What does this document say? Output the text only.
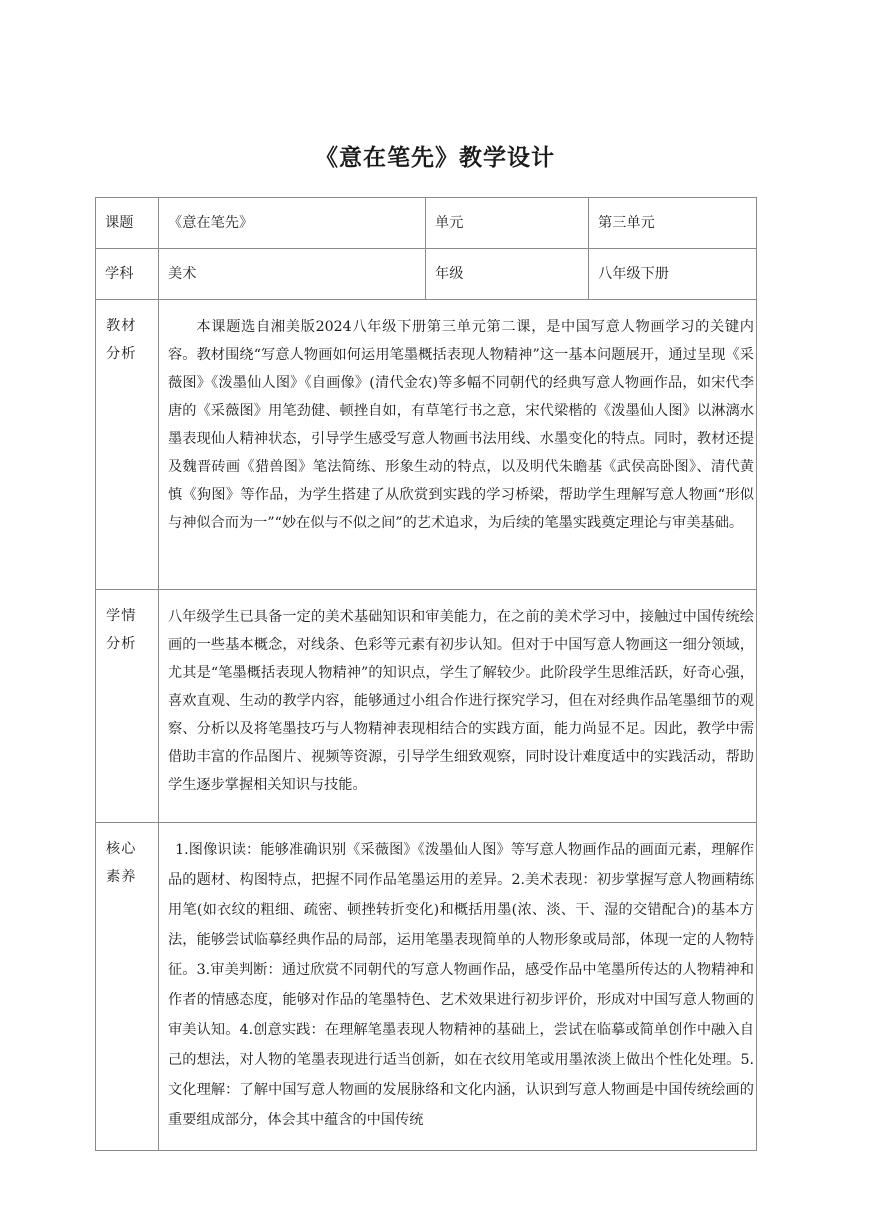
《意在笔先》教学设计
课题	《意在笔先》	单元	第三单元
学科	美术	年级	八年级下册

教材
分析	本课题选自湘美版2024八年级下册第三单元第二课，是中国写意人物画学习的关键内容。教材围绕“写意人物画如何运用笔墨概括表现人物精神”这一基本问题展开，通过呈现《采薇图》《泼墨仙人图》《自画像》(清代金农)等多幅不同朝代的经典写意人物画作品，如宋代李唐的《采薇图》用笔劲健、顿挫自如，有草笔行书之意，宋代梁楷的《泼墨仙人图》以淋漓水墨表现仙人精神状态，引导学生感受写意人物画书法用线、水墨变化的特点。同时，教材还提及魏晋砖画《猎兽图》笔法简练、形象生动的特点，以及明代朱瞻基《武侯高卧图》、清代黄慎《狗图》等作品，为学生搭建了从欣赏到实践的学习桥梁，帮助学生理解写意人物画“形似与神似合而为一”“妙在似与不似之间”的艺术追求，为后续的笔墨实践奠定理论与审美基础。		

学情
分析	八年级学生已具备一定的美术基础知识和审美能力，在之前的美术学习中，接触过中国传统绘画的一些基本概念，对线条、色彩等元素有初步认知。但对于中国写意人物画这一细分领域，尤其是“笔墨概括表现人物精神”的知识点，学生了解较少。此阶段学生思维活跃，好奇心强，喜欢直观、生动的教学内容，能够通过小组合作进行探究学习，但在对经典作品笔墨细节的观察、分析以及将笔墨技巧与人物精神表现相结合的实践方面，能力尚显不足。因此，教学中需借助丰富的作品图片、视频等资源，引导学生细致观察，同时设计难度适中的实践活动，帮助学生逐步掌握相关知识与技能。		

核心
素养	1.图像识读：能够准确识别《采薇图》《泼墨仙人图》等写意人物画作品的画面元素，理解作品的题材、构图特点，把握不同作品笔墨运用的差异。2.美术表现：初步掌握写意人物画精练用笔(如衣纹的粗细、疏密、顿挫转折变化)和概括用墨(浓、淡、干、湿的交错配合)的基本方法，能够尝试临摹经典作品的局部，运用笔墨表现简单的人物形象或局部，体现一定的人物特征。3.审美判断：通过欣赏不同朝代的写意人物画作品，感受作品中笔墨所传达的人物精神和作者的情感态度，能够对作品的笔墨特色、艺术效果进行初步评价，形成对中国写意人物画的审美认知。4.创意实践：在理解笔墨表现人物精神的基础上，尝试在临摹或简单创作中融入自己的想法，对人物的笔墨表现进行适当创新，如在衣纹用笔或用墨浓淡上做出个性化处理。5.文化理解：了解中国写意人物画的发展脉络和文化内涵，认识到写意人物画是中国传统绘画的重要组成部分，体会其中蕴含的中国传统		
